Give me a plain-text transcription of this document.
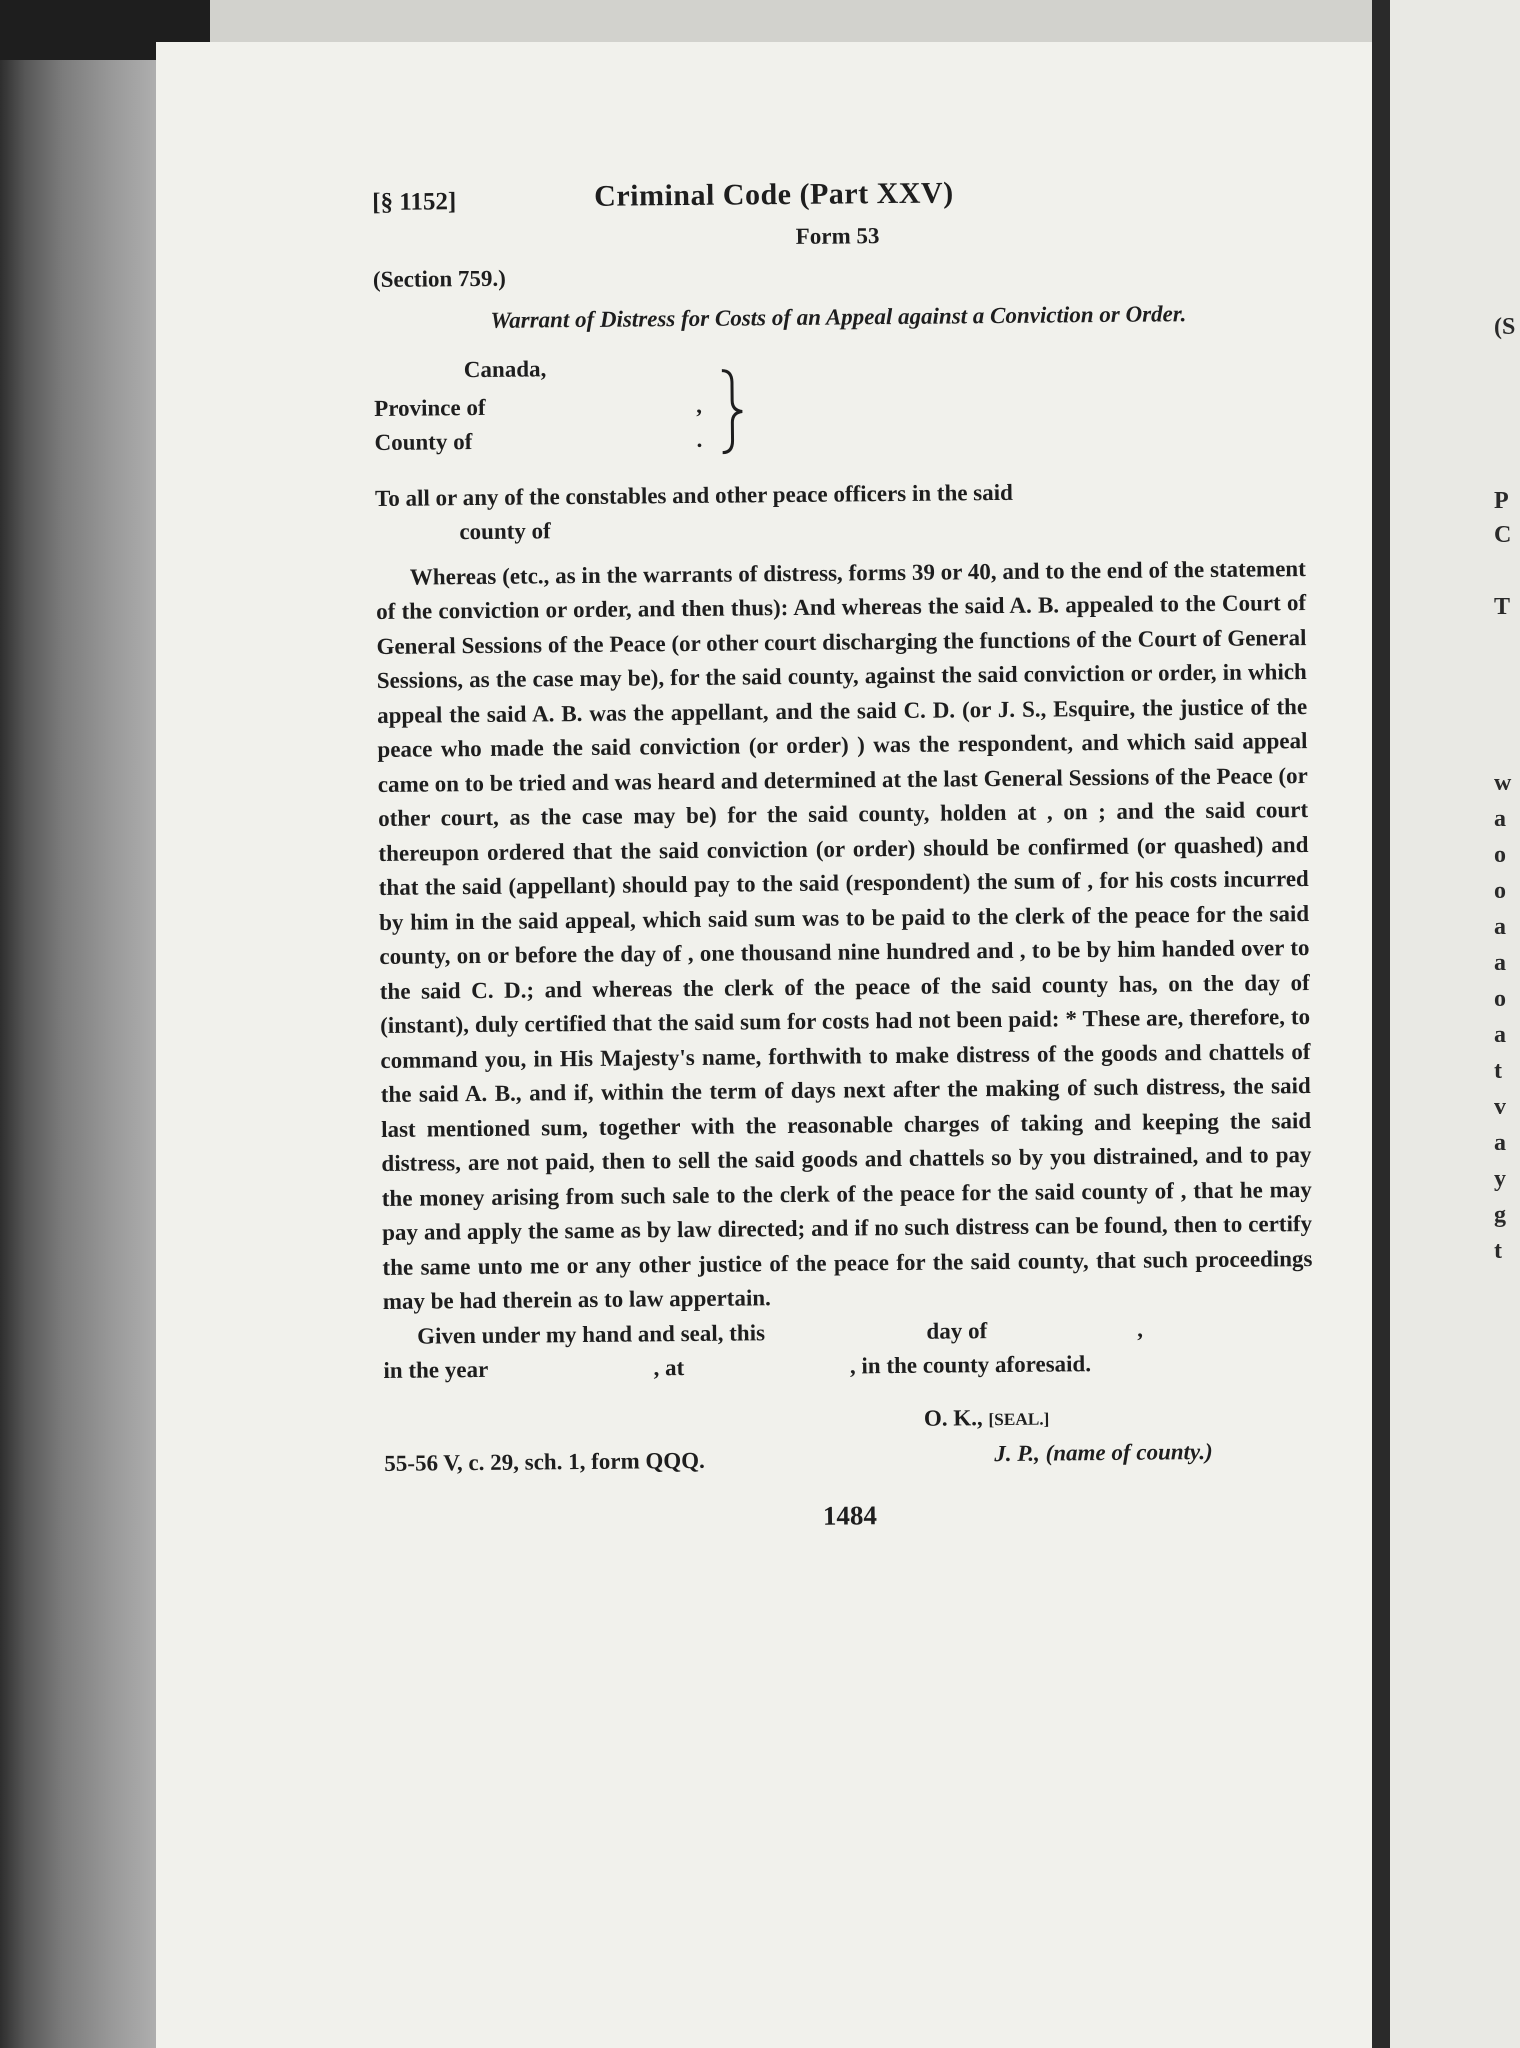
[§ 1152]	Criminal Code (Part XXV)
Form 53
(Section 759.)
Warrant of Distress for Costs of an Appeal against a Conviction or Order.
Canada,
Province of
County of
,
.

To all or any of the constables and other peace officers in the said
county of

Whereas (etc., as in the warrants of distress, forms 39 or 40, and to the end of the statement of the conviction or order, and then thus): And whereas the said A. B. appealed to the Court of General Sessions of the Peace (or other court discharging the functions of the Court of General Sessions, as the case may be), for the said county, against the said conviction or order, in which appeal the said A. B. was the appellant, and the said C. D. (or J. S., Esquire, the justice of the peace who made the said conviction (or order) ) was the respondent, and which said appeal came on to be tried and was heard and determined at the last General Sessions of the Peace (or other court, as the case may be) for the said county, holden at , on ; and the said court thereupon ordered that the said conviction (or order) should be confirmed (or quashed) and that the said (appellant) should pay to the said (respondent) the sum of , for his costs incurred by him in the said appeal, which said sum was to be paid to the clerk of the peace for the said county, on or before the day of , one thousand nine hundred and , to be by him handed over to the said C. D.; and whereas the clerk of the peace of the said county has, on the day of (instant), duly certified that the said sum for costs had not been paid: * These are, therefore, to command you, in His Majesty's name, forthwith to make distress of the goods and chattels of the said A. B., and if, within the term of days next after the making of such distress, the said last mentioned sum, together with the reasonable charges of taking and keeping the said distress, are not paid, then to sell the said goods and chattels so by you distrained, and to pay the money arising from such sale to the clerk of the peace for the said county of , that he may pay and apply the same as by law directed; and if no such distress can be found, then to certify the same unto me or any other justice of the peace for the said county, that such proceedings may be had therein as to law appertain.

Given under my hand and seal, this	day of	,

in the year	, at	, in the county aforesaid.

O. K., [SEAL.]
55-56 V, c. 29, sch. 1, form QQQ.	J. P., (name of county.)
1484
(S
P
C
T
w
a
o
o
a
a
o
a
t
v
a
y
g
t
